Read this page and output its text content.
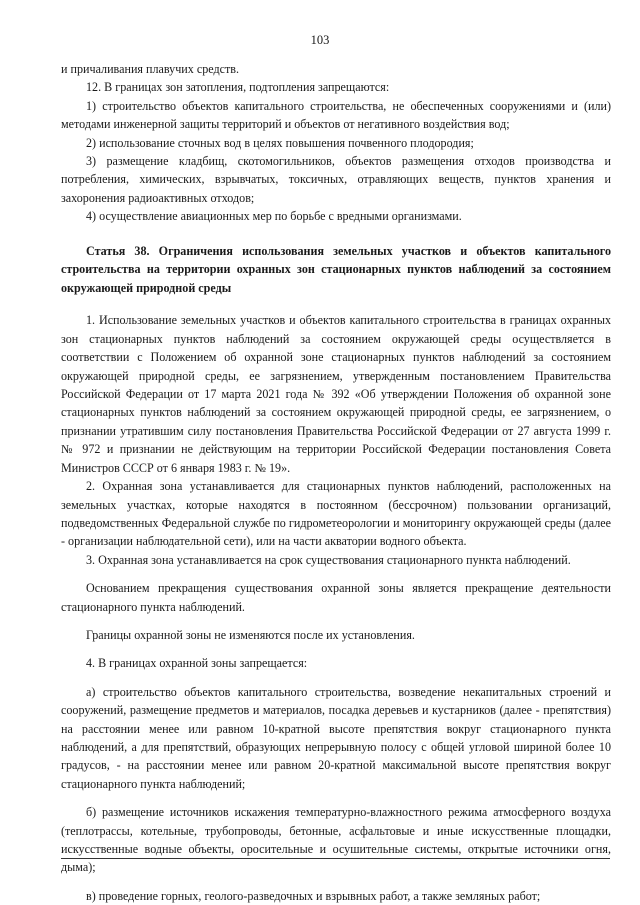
103

и причаливания плавучих средств.

12. В границах зон затопления, подтопления запрещаются:

1) строительство объектов капитального строительства, не обеспеченных сооружениями и (или) методами инженерной защиты территорий и объектов от негативного воздействия вод;

2) использование сточных вод в целях повышения почвенного плодородия;

3) размещение кладбищ, скотомогильников, объектов размещения отходов производства и потребления, химических, взрывчатых, токсичных, отравляющих веществ, пунктов хранения и захоронения радиоактивных отходов;

4) осуществление авиационных мер по борьбе с вредными организмами.

Статья 38. Ограничения использования земельных участков и объектов капитального строительства на территории охранных зон стационарных пунктов наблюдений за состоянием окружающей природной среды

1. Использование земельных участков и объектов капитального строительства в границах охранных зон стационарных пунктов наблюдений за состоянием окружающей среды осуществляется в соответствии с Положением об охранной зоне стационарных пунктов наблюдений за состоянием окружающей природной среды, ее загрязнением, утвержденным постановлением Правительства Российской Федерации от 17 марта 2021 года № 392 «Об утверждении Положения об охранной зоне стационарных пунктов наблюдений за состоянием окружающей природной среды, ее загрязнением, о признании утратившим силу постановления Правительства Российской Федерации от 27 августа 1999 г. № 972 и признании не действующим на территории Российской Федерации постановления Совета Министров СССР от 6 января 1983 г. № 19».

2. Охранная зона устанавливается для стационарных пунктов наблюдений, расположенных на земельных участках, которые находятся в постоянном (бессрочном) пользовании организаций, подведомственных Федеральной службе по гидрометеорологии и мониторингу окружающей среды (далее - организации наблюдательной сети), или на части акватории водного объекта.

3. Охранная зона устанавливается на срок существования стационарного пункта наблюдений.

Основанием прекращения существования охранной зоны является прекращение деятельности стационарного пункта наблюдений.

Границы охранной зоны не изменяются после их установления.

4. В границах охранной зоны запрещается:

а) строительство объектов капитального строительства, возведение некапитальных строений и сооружений, размещение предметов и материалов, посадка деревьев и кустарников (далее - препятствия) на расстоянии менее или равном 10-кратной высоте препятствия вокруг стационарного пункта наблюдений, а для препятствий, образующих непрерывную полосу с общей угловой шириной более 10 градусов, - на расстоянии менее или равном 20-кратной максимальной высоте препятствия вокруг стационарного пункта наблюдений;

б) размещение источников искажения температурно-влажностного режима атмосферного воздуха (теплотрассы, котельные, трубопроводы, бетонные, асфальтовые и иные искусственные площадки, искусственные водные объекты, оросительные и осушительные системы, открытые источники огня, дыма);

в) проведение горных, геолого-разведочных и взрывных работ, а также земляных работ;
